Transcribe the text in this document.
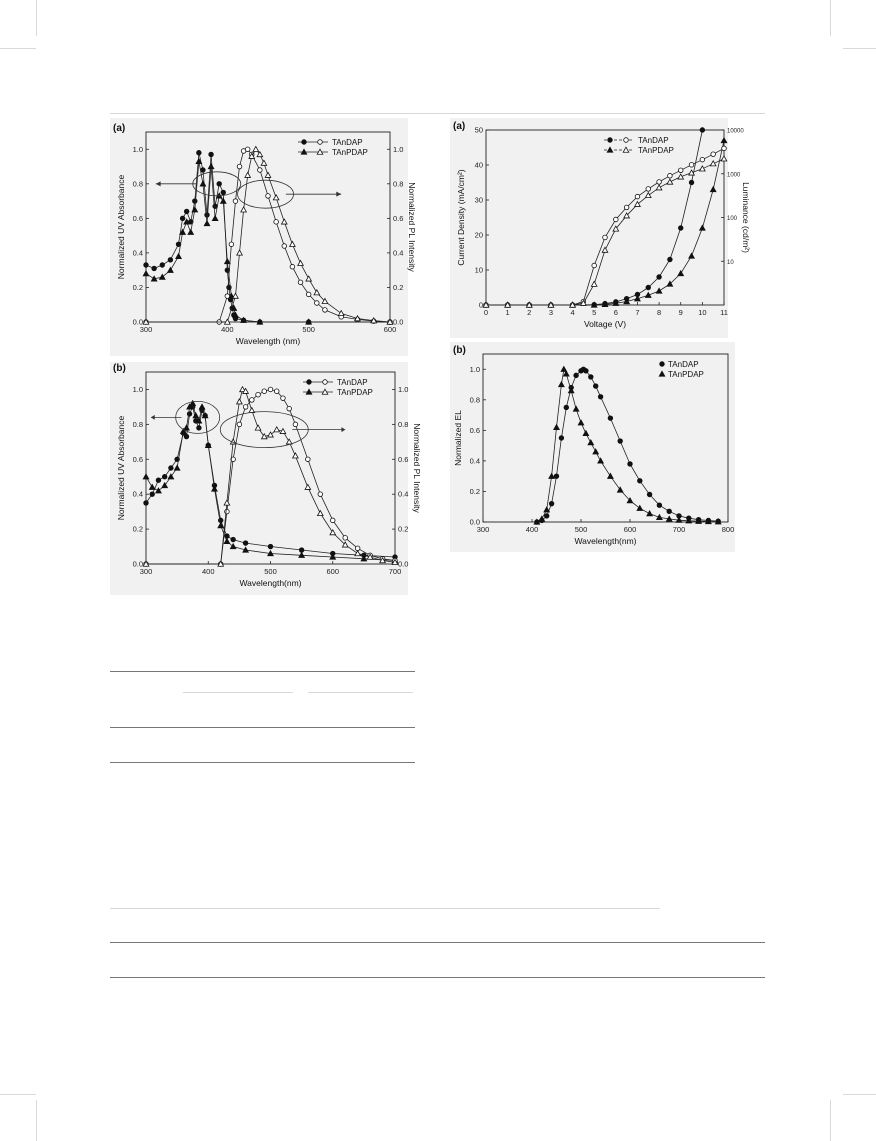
300	400	500	600
0.0
0.2
0.4
0.6
0.8
1.0
0.0
0.2
0.4
0.6
0.8
1.0
Wavelength (nm)
Normalized UV Absorbance	Normalized PL Intensity
(a)
TAnDAP
TAnPDAP
0 1 2 3 4 5 6 7 8 9 10 11
0
10
20
30
40
50
10
100
1000
10000
Voltage (V)
Current Density (mA/cm²)	Luminance (cd/m²)
(a)
TAnDAP
TAnPDAP
300	400	500	600	700
0.0
0.2
0.4
0.6
0.8
1.0
0.0
0.2
0.4
0.6
0.8
1.0
Wavelength(nm)
Normalized UV Absorbance	Normalized PL Intensity
(b)
TAnDAP
TAnPDAP
300	400	500	600	700	800
0.0
0.2
0.4
0.6
0.8
1.0
Wavelength(nm)
Normalized EL
(b)
TAnDAP
TAnPDAP
